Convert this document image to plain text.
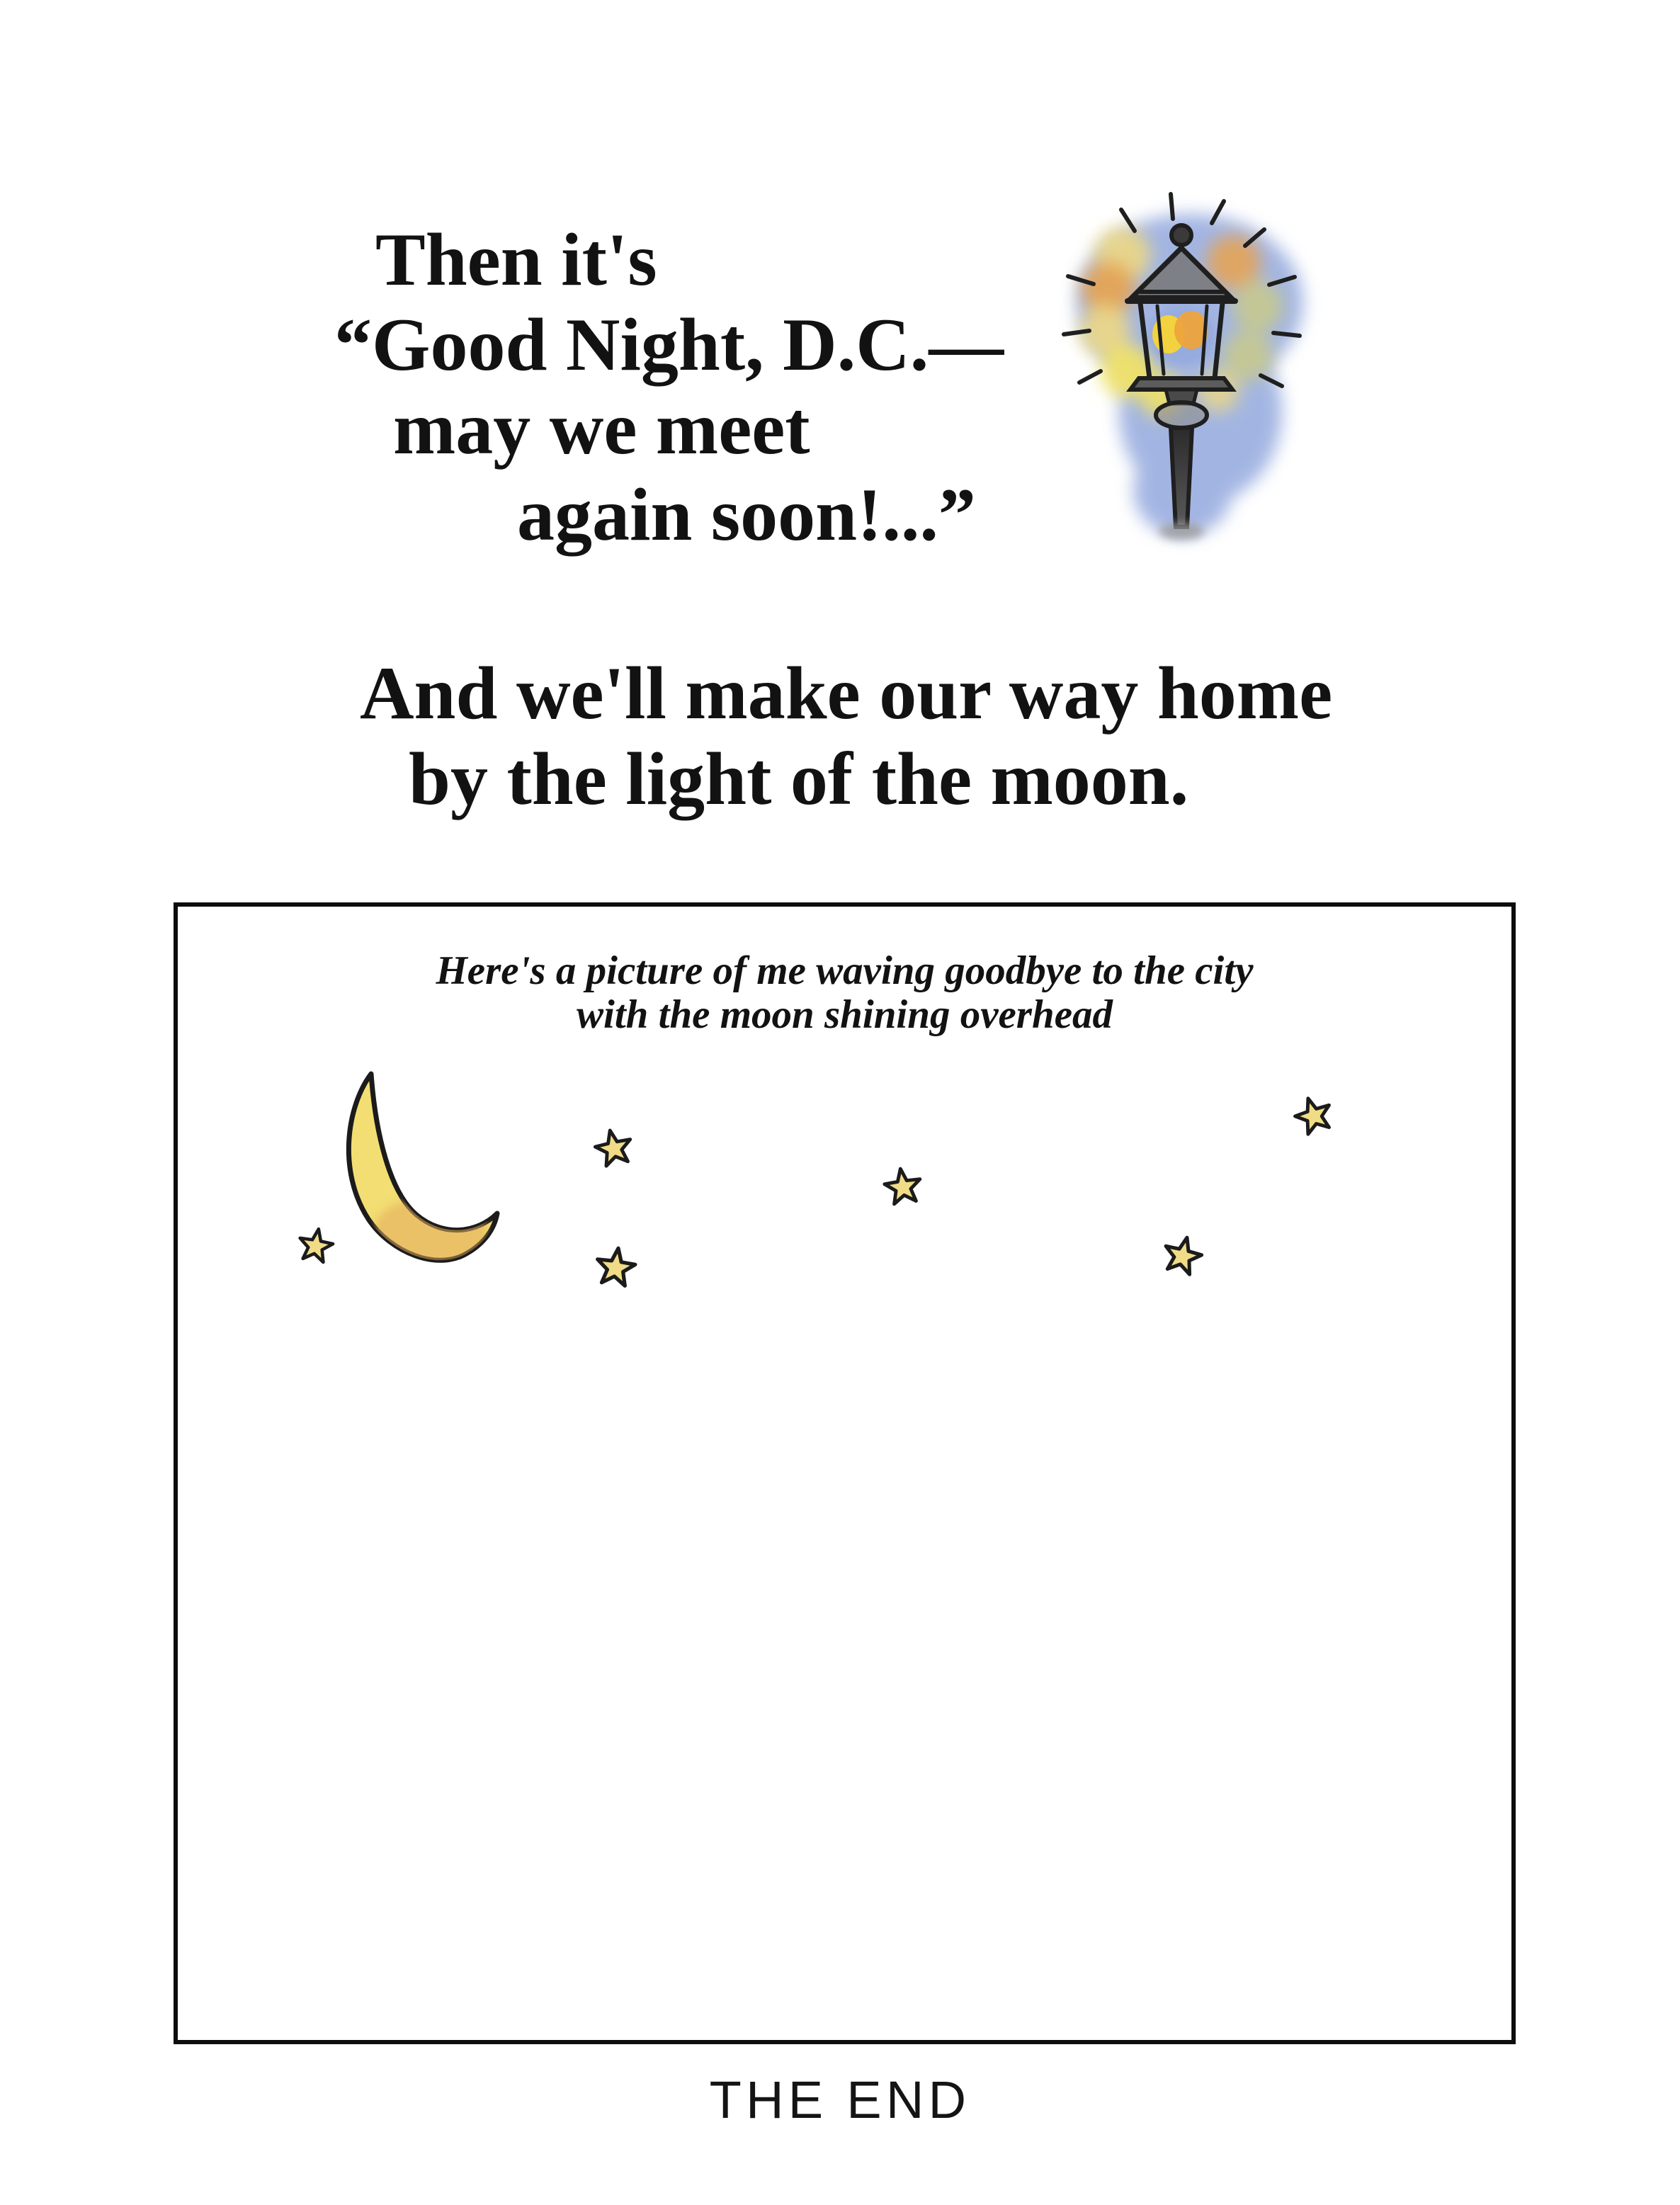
Then it's
“Good Night, D.C.—
may we meet
again soon!...”
And we'll make our way home
by the light of the moon.
Here's a picture of me waving goodbye to the city
with the moon shining overhead
THE END
